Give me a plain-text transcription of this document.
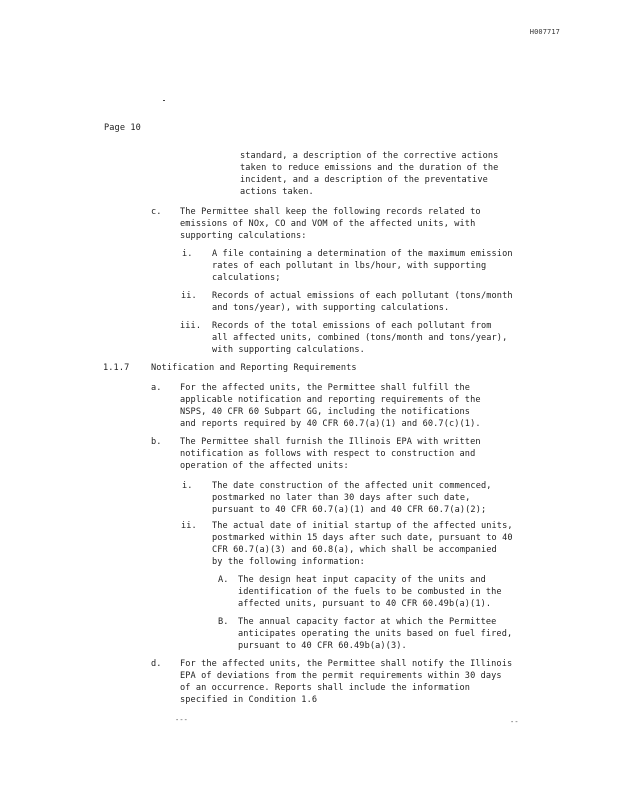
H007717
Page 10
standard, a description of the corrective actions
taken to reduce emissions and the duration of the
incident, and a description of the preventative
actions taken.
c. The Permittee shall keep the following records related to
emissions of NOx, CO and VOM of the affected units, with
supporting calculations:
i. A file containing a determination of the maximum emission
rates of each pollutant in lbs/hour, with supporting
calculations;
ii. Records of actual emissions of each pollutant (tons/month
and tons/year), with supporting calculations.
iii. Records of the total emissions of each pollutant from
all affected units, combined (tons/month and tons/year),
with supporting calculations.
1.1.7	Notification and Reporting Requirements
a. For the affected units, the Permittee shall fulfill the
applicable notification and reporting requirements of the
NSPS, 40 CFR 60 Subpart GG, including the notifications
and reports required by 40 CFR 60.7(a)(1) and 60.7(c)(1).
b. The Permittee shall furnish the Illinois EPA with written
notification as follows with respect to construction and
operation of the affected units:
i. The date construction of the affected unit commenced,
postmarked no later than 30 days after such date,
pursuant to 40 CFR 60.7(a)(1) and 40 CFR 60.7(a)(2);
ii. The actual date of initial startup of the affected units,
postmarked within 15 days after such date, pursuant to 40
CFR 60.7(a)(3) and 60.8(a), which shall be accompanied
by the following information:
A. The design heat input capacity of the units and
identification of the fuels to be combusted in the
affected units, pursuant to 40 CFR 60.49b(a)(1).
B. The annual capacity factor at which the Permittee
anticipates operating the units based on fuel fired,
pursuant to 40 CFR 60.49b(a)(3).
d. For the affected units, the Permittee shall notify the Illinois
EPA of deviations from the permit requirements within 30 days
of an occurrence. Reports shall include the information
specified in Condition 1.6
---	--
